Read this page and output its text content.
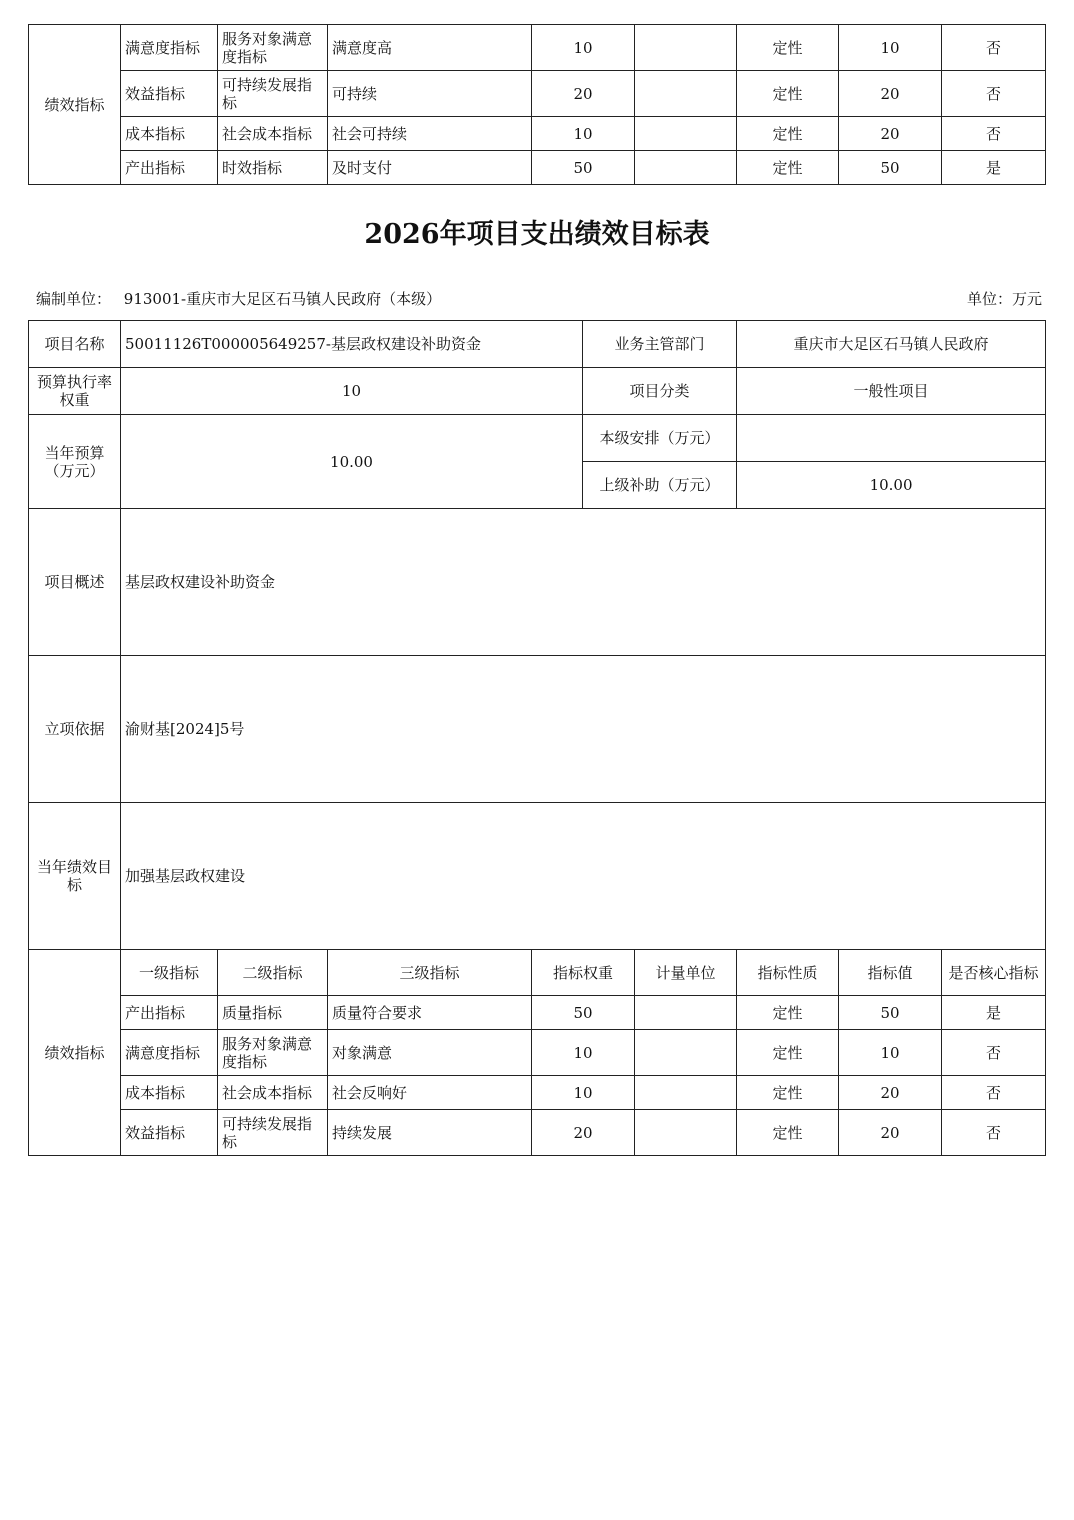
绩效指标	满意度指标	服务对象满意度指标	满意度高	10		定性	10	否
	效益指标	可持续发展指标	可持续	20		定性	20	否
	成本指标	社会成本指标	社会可持续	10		定性	20	否
	产出指标	时效指标	及时支付	50		定性	50	是
2026年项目支出绩效目标表
编制单位： 913001-重庆市大足区石马镇人民政府（本级）	单位：万元
项目名称	50011126T000005649257-基层政权建设补助资金				业务主管部门		重庆市大足区石马镇人民政府		
预算执行率权重	10				项目分类		一般性项目		
当年预算（万元）	10.00				本级安排（万元）				
					上级补助（万元）		10.00		
项目概述	基层政权建设补助资金								
立项依据	渝财基[2024]5号								
当年绩效目标	加强基层政权建设								
绩效指标	一级指标	二级指标	三级指标	指标权重		计量单位	指标性质	指标值	是否核心指标
	产出指标	质量指标	质量符合要求	50			定性	50	是
	满意度指标	服务对象满意度指标	对象满意	10			定性	10	否
	成本指标	社会成本指标	社会反响好	10			定性	20	否
	效益指标	可持续发展指标	持续发展	20			定性	20	否
